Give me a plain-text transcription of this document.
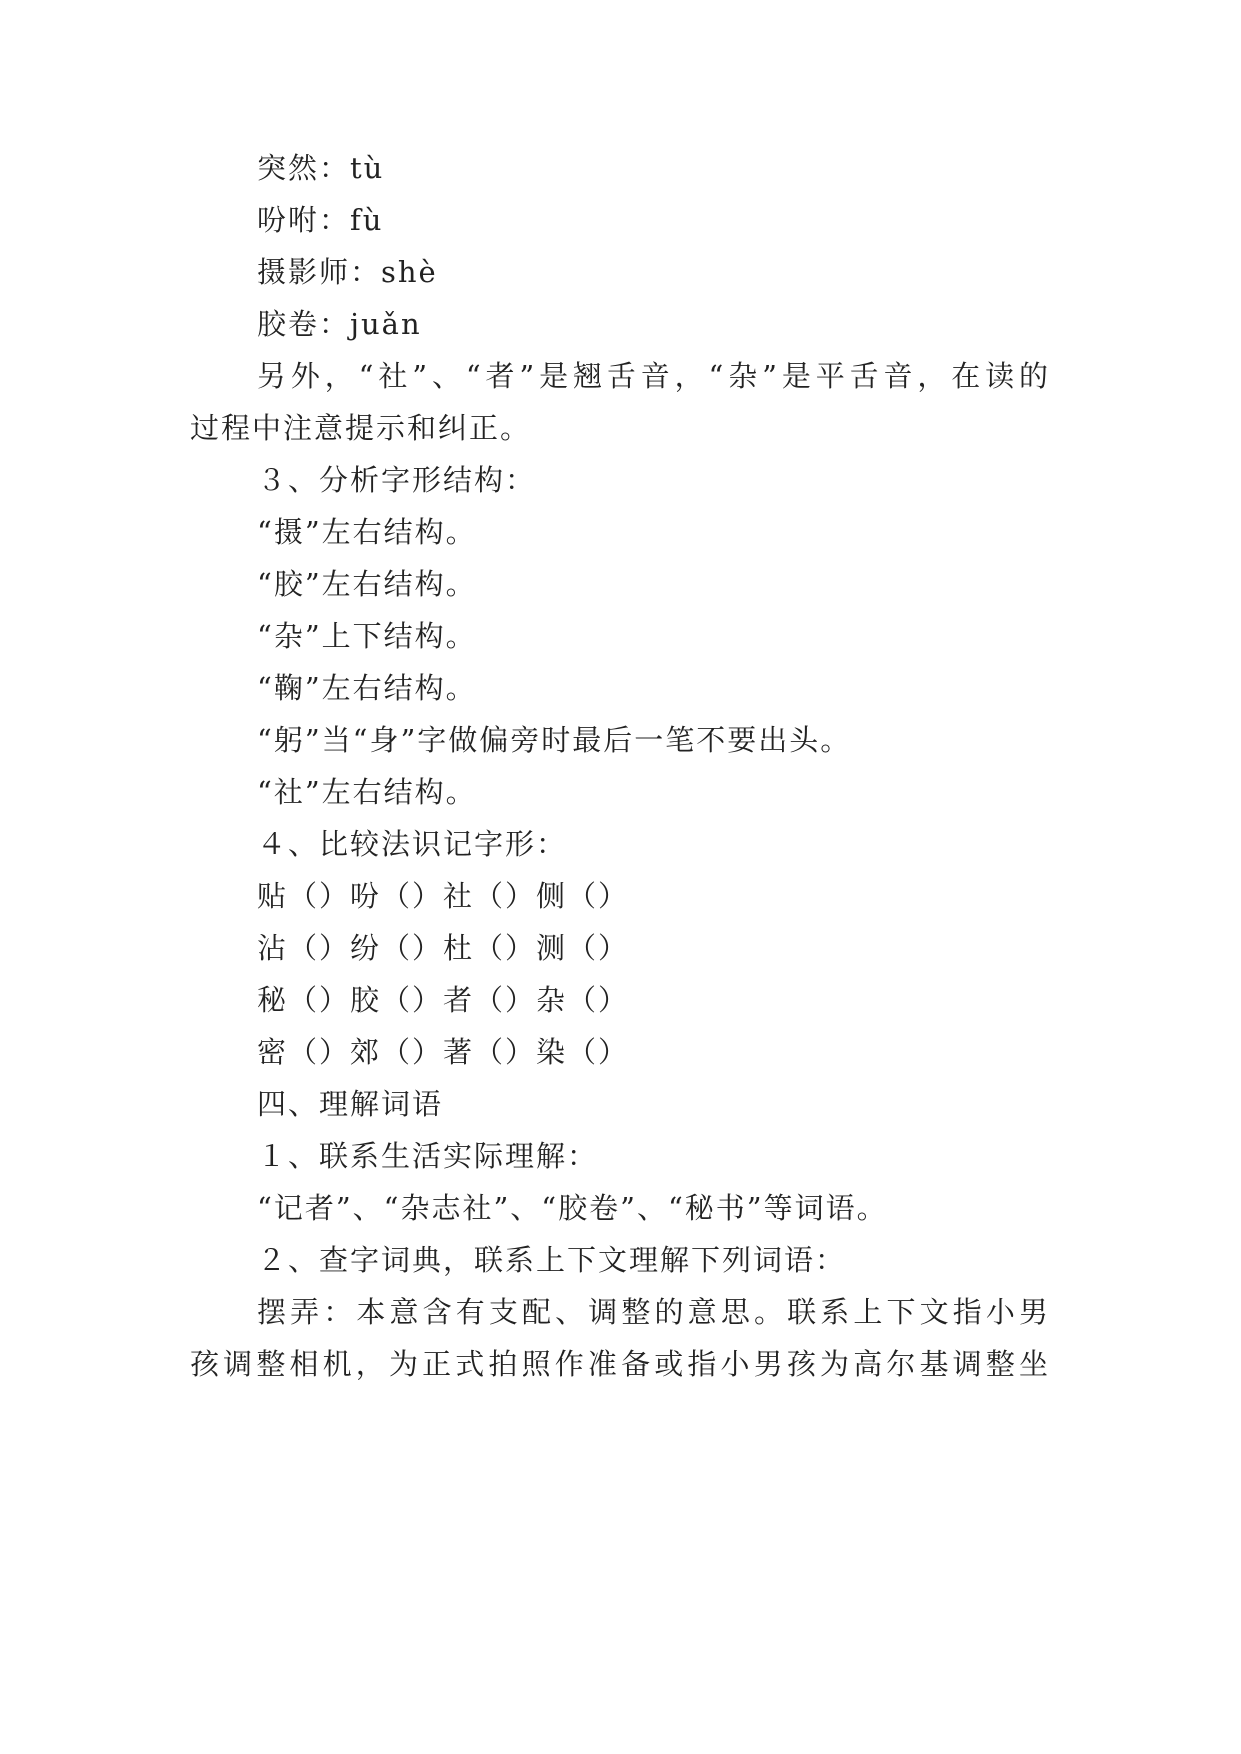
突然：tù
吩咐：fù
摄影师：shè
胶卷：juǎn
另外，“社”、“者”是翘舌音，“杂”是平舌音，在读的
过程中注意提示和纠正。
３、分析字形结构：
“摄”左右结构。
“胶”左右结构。
“杂”上下结构。
“鞠”左右结构。
“躬”当“身”字做偏旁时最后一笔不要出头。
“社”左右结构。
４、比较法识记字形：
贴（）吩（）社（）侧（）
沾（）纷（）杜（）测（）
秘（）胶（）者（）杂（）
密（）郊（）著（）染（）
四、理解词语
１、联系生活实际理解：
“记者”、“杂志社”、“胶卷”、“秘书”等词语。
２、查字词典，联系上下文理解下列词语：
摆弄：本意含有支配、调整的意思。联系上下文指小男
孩调整相机，为正式拍照作准备或指小男孩为高尔基调整坐
